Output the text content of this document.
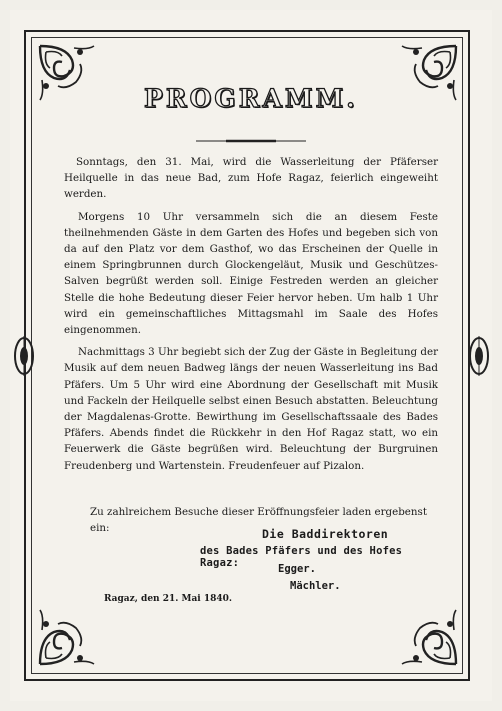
PROGRAMM.

Sonntags, den 31. Mai, wird die Wasserleitung der Pfäferser Heilquelle in das neue Bad, zum Hofe Ragaz, feierlich eingeweiht werden.

Morgens 10 Uhr versammeln sich die an diesem Feste theilnehmenden Gäste in dem Garten des Hofes und begeben sich von da auf den Platz vor dem Gasthof, wo das Erscheinen der Quelle in einem Springbrunnen durch Glockengeläut, Musik und Geschützes-Salven begrüßt werden soll. Einige Festreden werden an gleicher Stelle die hohe Bedeutung dieser Feier hervor heben. Um halb 1 Uhr wird ein gemeinschaftliches Mittagsmahl im Saale des Hofes eingenommen.

Nachmittags 3 Uhr begiebt sich der Zug der Gäste in Begleitung der Musik auf dem neuen Badweg längs der neuen Wasserleitung ins Bad Pfäfers. Um 5 Uhr wird eine Abordnung der Gesellschaft mit Musik und Fackeln der Heilquelle selbst einen Besuch abstatten. Beleuchtung der Magdalenas-Grotte. Bewirthung im Gesellschaftssaale des Bades Pfäfers. Abends findet die Rückkehr in den Hof Ragaz statt, wo ein Feuerwerk die Gäste begrüßen wird. Beleuchtung der Burgruinen Freudenberg und Wartenstein. Freudenfeuer auf Pizalon.

Zu zahlreichem Besuche dieser Eröffnungsfeier laden ergebenst ein:	Die Baddirektoren
des Bades Pfäfers und des Hofes Ragaz:	Egger.
Mächler.
Ragaz, den 21. Mai 1840.
